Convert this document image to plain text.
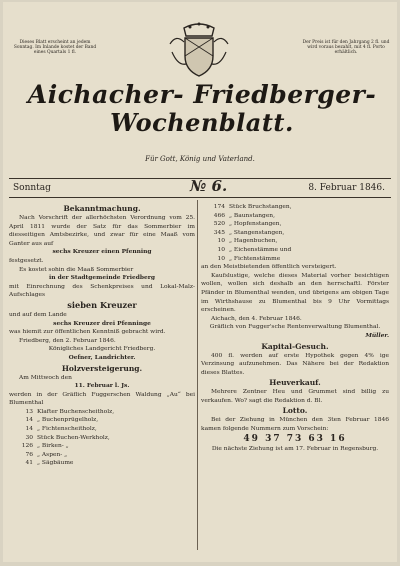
Dieses Blatt erscheint an jedem Sonntag. Im Inlande kostet der Band eines Quartals 1 fl.
Der Preis ist für den Jahrgang 2 fl. und wird voraus bezahlt, mit 4 fl. Porto erhältlich.
Aichacher- Friedberger-
Wochenblatt.
Für Gott, König und Vaterland.
Sonntag	№ 6.	8. Februar 1846.

Bekanntmachung.

Nach Vorschrift der allerhöchsten Verordnung vom 25. April 1811 wurde der Satz für das Sommerbier im diesseitigen Amtsbezirke, und zwar für eine Maaß vom Ganter aus auf

sechs Kreuzer einen Pfenning

festgesetzt.

Es kostet sohin die Maaß Sommerbier

in der Stadtgemeinde Friedberg

mit Einrechnung des Schenkpreises und Lokal-Malz-Aufschlages

sieben Kreuzer

und auf dem Lande

sechs Kreuzer drei Pfenninge

was hiemit zur öffentlichen Kenntniß gebracht wird.

Friedberg, den 2. Februar 1846.

Königliches Landgericht Friedberg.

Oefner, Landrichter.

Holzversteigerung.

Am Mittwoch den

11. Februar l. Js.

werden in der Gräflich Fuggerschen Waldung „Au“ bei Blumenthal

13 Klafter Buchenscheitholz,
14 „ Buchenprügelholz,
14 „ Fichtenscheitholz,
30 Stück Buchen-Werkholz,
126 „ Birken- „
76 „ Aspen- „
41 „ Sägbäume
174 Stück Bruchstangen,
466 „ Baunstangen,
520 „ Hopfenstangen,
345 „ Stangenstangen,
10 „ Hagenbuchen,
10 „ Eichenstämme und
10 „ Fichtenstämme

an den Meistbietenden öffentlich versteigert.

Kaufslustige, welche dieses Material vorher besichtigen wollen, wollen sich deshalb an den herrschaftl. Förster Pfänder in Blumenthal wenden, und übrigens am obigen Tage im Wirthshause zu Blumenthal bis 9 Uhr Vormittags erscheinen.

Aichach, den 4. Februar 1846.

Gräflich von Fugger'sche Rentenverwaltung Blumenthal.

Müller.

Kapital-Gesuch.

400 fl. werden auf erste Hypothek gegen 4% ige Verzinsung aufzunehmen. Das Nähere bei der Redaktion dieses Blattes.

Heuverkauf.

Mehrere Zentner Heu und Grummet sind billig zu verkaufen. Wo? sagt die Redaktion d. Bl.

Lotto.

Bei der Ziehung in München den 3ten Februar 1846 kamen folgende Nummern zum Vorschein:

49 37 73 63 16

Die nächste Ziehung ist am 17. Februar in Regensburg.
